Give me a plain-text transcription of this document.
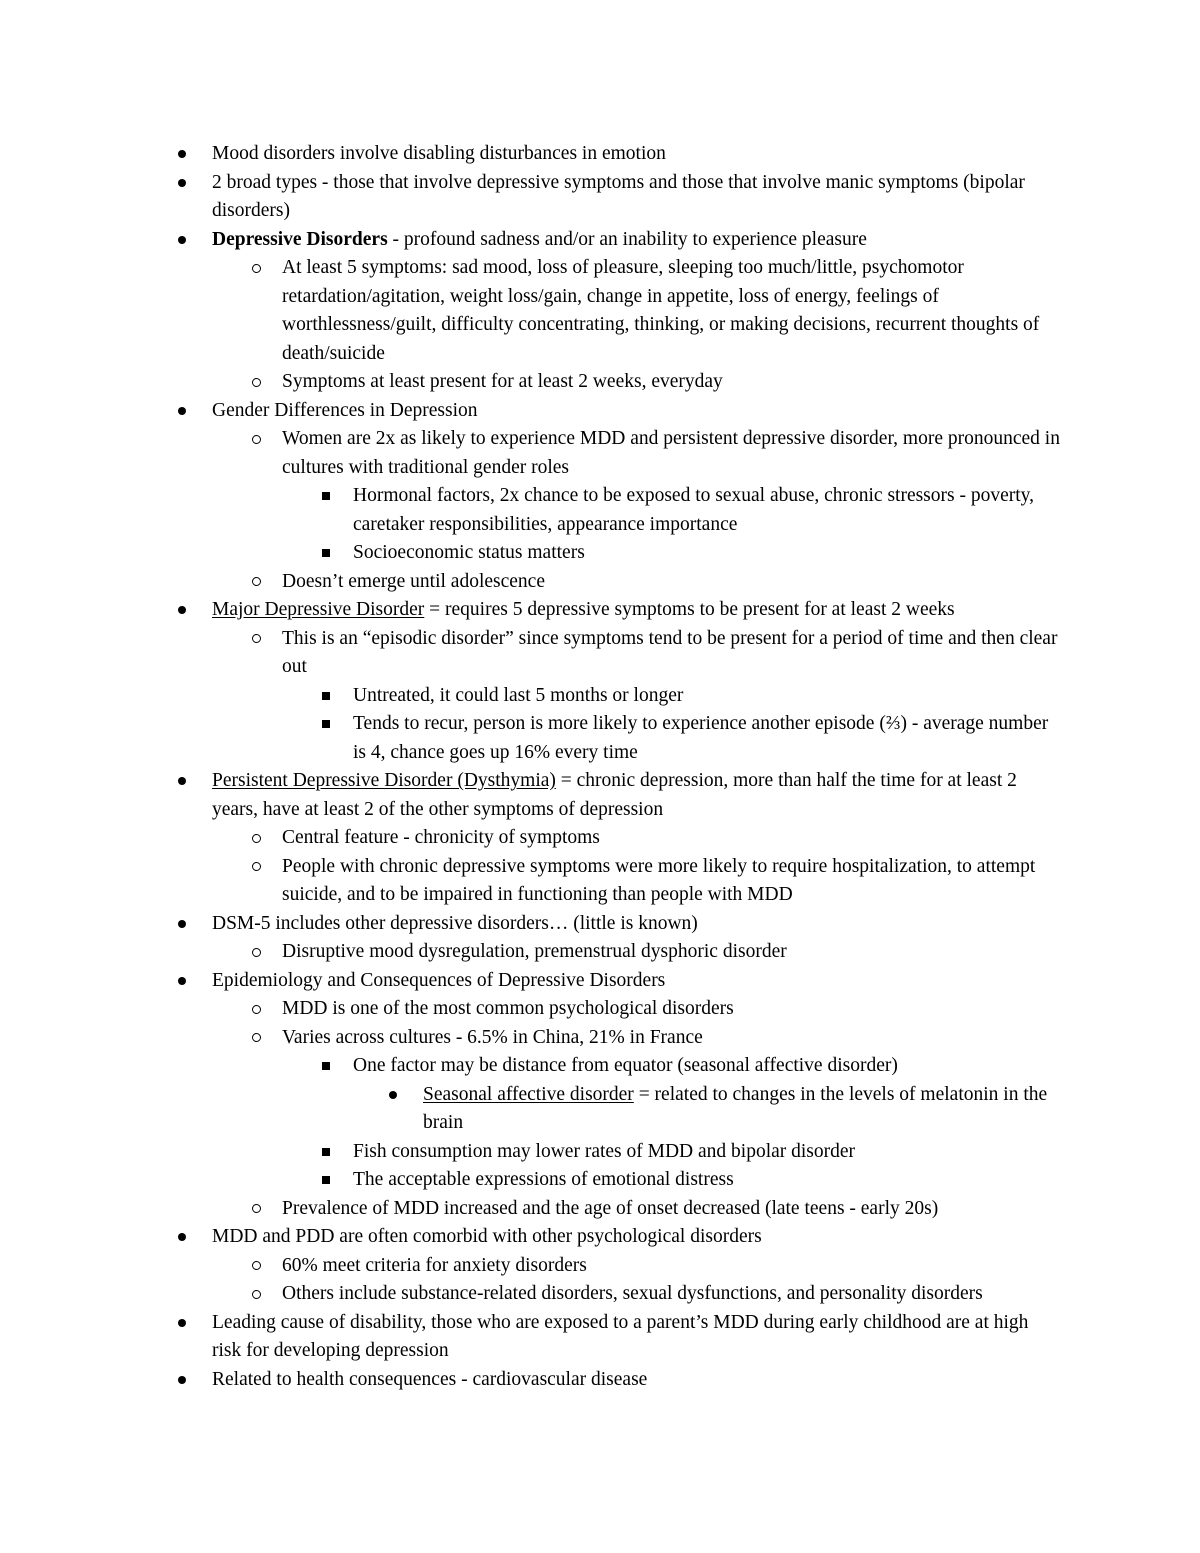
Mood disorders involve disabling disturbances in emotion
2 broad types - those that involve depressive symptoms and those that involve manic symptoms (bipolar disorders)
Depressive Disorders - profound sadness and/or an inability to experience pleasure
At least 5 symptoms: sad mood, loss of pleasure, sleeping too much/little, psychomotor retardation/agitation, weight loss/gain, change in appetite, loss of energy, feelings of worthlessness/guilt, difficulty concentrating, thinking, or making decisions, recurrent thoughts of death/suicide
Symptoms at least present for at least 2 weeks, everyday
Gender Differences in Depression
Women are 2x as likely to experience MDD and persistent depressive disorder, more pronounced in cultures with traditional gender roles
Hormonal factors, 2x chance to be exposed to sexual abuse, chronic stressors - poverty, caretaker responsibilities, appearance importance
Socioeconomic status matters
Doesn’t emerge until adolescence
Major Depressive Disorder = requires 5 depressive symptoms to be present for at least 2 weeks
This is an “episodic disorder” since symptoms tend to be present for a period of time and then clear out
Untreated, it could last 5 months or longer
Tends to recur, person is more likely to experience another episode (⅔) - average number is 4, chance goes up 16% every time
Persistent Depressive Disorder (Dysthymia) = chronic depression, more than half the time for at least 2 years, have at least 2 of the other symptoms of depression
Central feature - chronicity of symptoms
People with chronic depressive symptoms were more likely to require hospitalization, to attempt suicide, and to be impaired in functioning than people with MDD
DSM-5 includes other depressive disorders… (little is known)
Disruptive mood dysregulation, premenstrual dysphoric disorder
Epidemiology and Consequences of Depressive Disorders
MDD is one of the most common psychological disorders
Varies across cultures - 6.5% in China, 21% in France
One factor may be distance from equator (seasonal affective disorder)
Seasonal affective disorder = related to changes in the levels of melatonin in the brain
Fish consumption may lower rates of MDD and bipolar disorder
The acceptable expressions of emotional distress
Prevalence of MDD increased and the age of onset decreased (late teens - early 20s)
MDD and PDD are often comorbid with other psychological disorders
60% meet criteria for anxiety disorders
Others include substance-related disorders, sexual dysfunctions, and personality disorders
Leading cause of disability, those who are exposed to a parent’s MDD during early childhood are at high risk for developing depression
Related to health consequences - cardiovascular disease
